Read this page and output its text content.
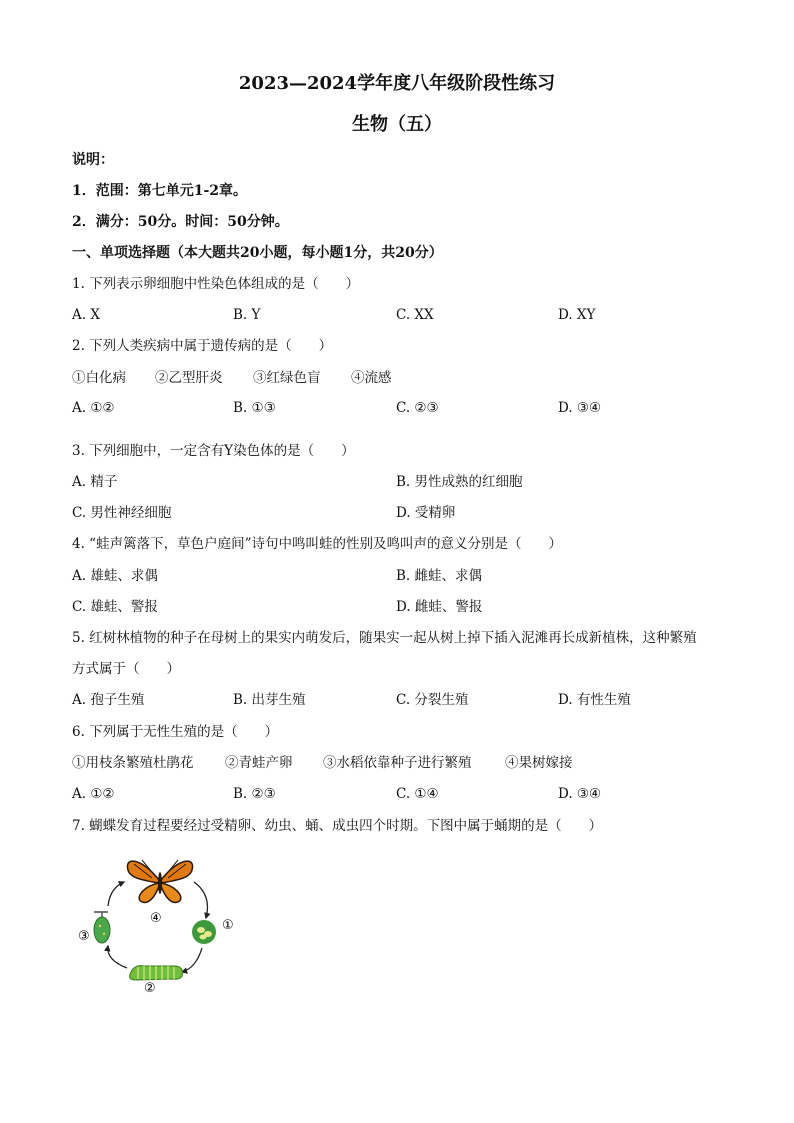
2023—2024学年度八年级阶段性练习
生物（五）
说明：
1．范围：第七单元1-2章。
2．满分：50分。时间：50分钟。
一、单项选择题（本大题共20小题，每小题1分，共20分）
1. 下列表示卵细胞中性染色体组成的是（　　）
A. X	B. Y	C. XX	D. XY
2. 下列人类疾病中属于遗传病的是（　　）
①白化病 ②乙型肝炎 ③红绿色盲 ④流感
A. ①②	B. ①③	C. ②③	D. ③④
3. 下列细胞中，一定含有Y染色体的是（　　）
A. 精子	B. 男性成熟的红细胞
C. 男性神经细胞	D. 受精卵
4. “蛙声篱落下，草色户庭间”诗句中鸣叫蛙的性别及鸣叫声的意义分别是（　　）
A. 雄蛙、求偶	B. 雌蛙、求偶
C. 雄蛙、警报	D. 雌蛙、警报
5. 红树林植物的种子在母树上的果实内萌发后，随果实一起从树上掉下插入泥滩再长成新植株，这种繁殖
方式属于（　　）
A. 孢子生殖	B. 出芽生殖	C. 分裂生殖	D. 有性生殖
6. 下列属于无性生殖的是（　　）
①用枝条繁殖杜鹃花 ②青蛙产卵 ③水稻依靠种子进行繁殖 ④果树嫁接
A. ①②	B. ②③	C. ①④	D. ③④
7. 蝴蝶发育过程要经过受精卵、幼虫、蛹、成虫四个时期。下图中属于蛹期的是（　　）
④	①
②
③
